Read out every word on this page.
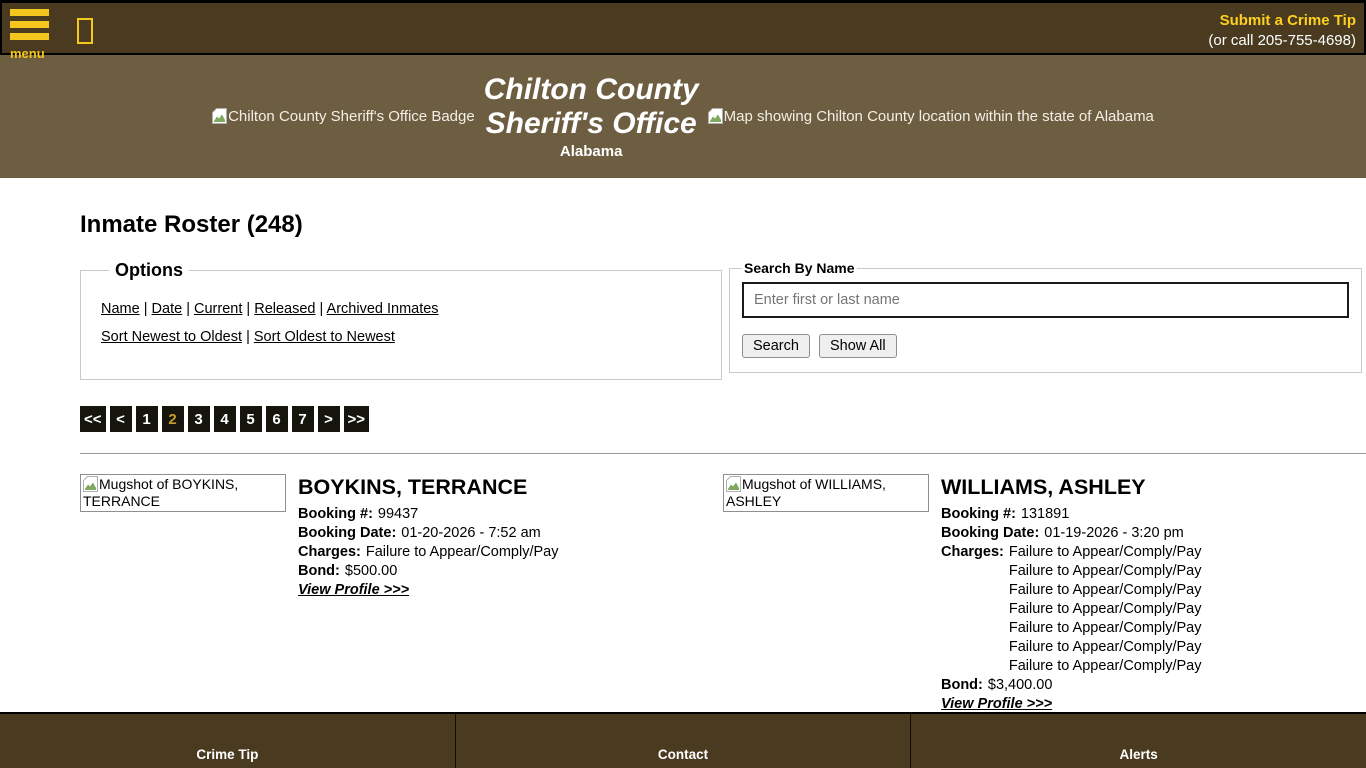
menu
Submit a Crime Tip
(or call 205-755-4698)
Chilton County Sheriff's Office Badge
Chilton County
Sheriff's Office
Alabama
Map showing Chilton County location within the state of Alabama
Inmate Roster (248)
Options
Name | Date | Current | Released | Archived Inmates
Sort Newest to Oldest | Sort Oldest to Newest
Search By Name
Enter first or last name
Search	Show All
<< <	1	2	3	4	5	6	7	> >>
Mugshot of BOYKINS, TERRANCE
BOYKINS, TERRANCE
Booking #: 99437
Booking Date: 01-20-2026 - 7:52 am
Charges: Failure to Appear/Comply/Pay
Bond: $500.00
View Profile >>>
Mugshot of WILLIAMS, ASHLEY
WILLIAMS, ASHLEY
Booking #: 131891
Booking Date: 01-19-2026 - 3:20 pm
Charges: Failure to Appear/Comply/Pay
Failure to Appear/Comply/Pay
Failure to Appear/Comply/Pay
Failure to Appear/Comply/Pay
Failure to Appear/Comply/Pay
Failure to Appear/Comply/Pay
Failure to Appear/Comply/Pay
Bond: $3,400.00
View Profile >>>
Crime Tip	Contact	Alerts
